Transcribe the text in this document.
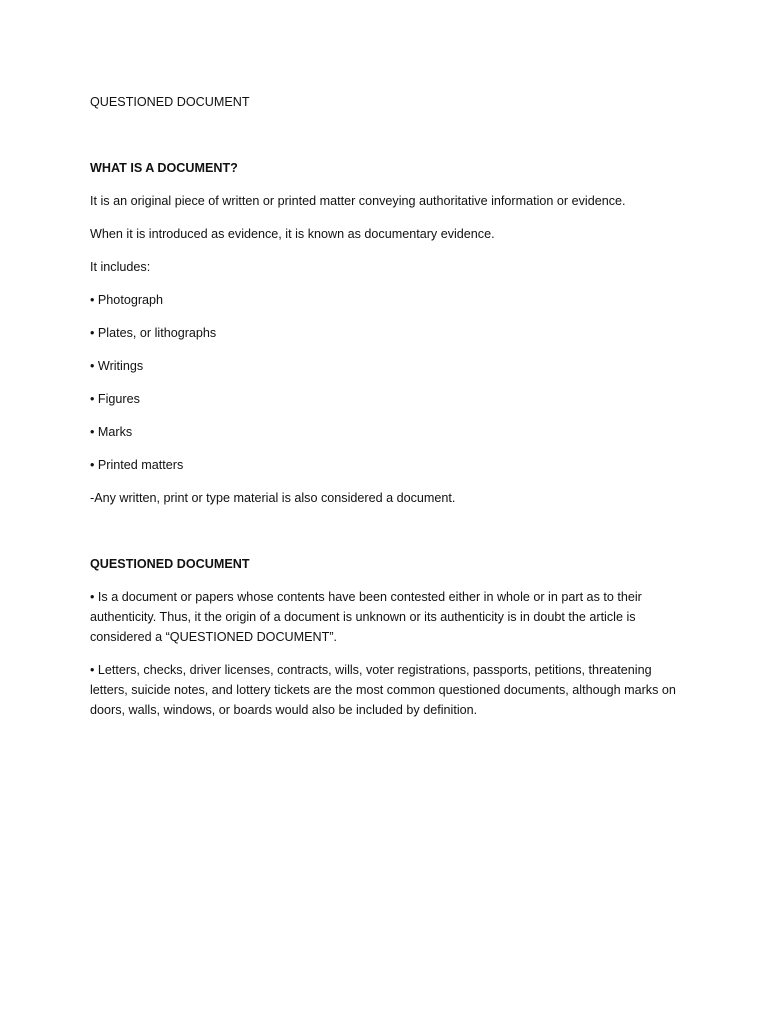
QUESTIONED DOCUMENT

WHAT IS A DOCUMENT?

It is an original piece of written or printed matter conveying authoritative information or evidence.

When it is introduced as evidence, it is known as documentary evidence.

It includes:

• Photograph
• Plates, or lithographs
• Writings
• Figures
• Marks
• Printed matters

-Any written, print or type material is also considered a document.

QUESTIONED DOCUMENT

• Is a document or papers whose contents have been contested either in whole or in part as to their authenticity. Thus, it the origin of a document is unknown or its authenticity is in doubt the article is considered a “QUESTIONED DOCUMENT”.

• Letters, checks, driver licenses, contracts, wills, voter registrations, passports, petitions, threatening letters, suicide notes, and lottery tickets are the most common questioned documents, although marks on doors, walls, windows, or boards would also be included by definition.
